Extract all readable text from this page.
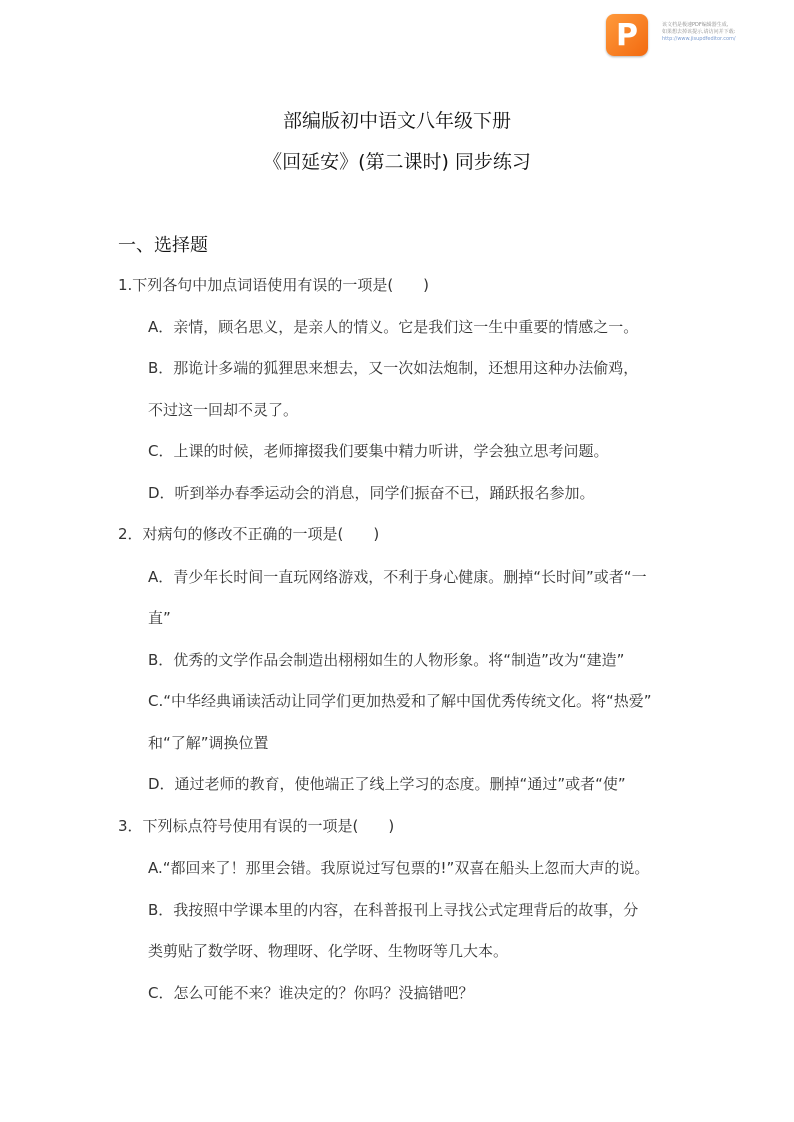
P	该文档是极速PDF编辑器生成,
如果想去掉该提示,请访问并下载:
http://www.jisupdfeditor.com/
部编版初中语文八年级下册
《回延安》(第二课时) 同步练习
一、选择题
1.下列各句中加点词语使用有误的一项是(　　)
A．亲情，顾名思义，是亲人的情义。它是我们这一生中重要的情感之一。
B．那诡计多端的狐狸思来想去，又一次如法炮制，还想用这种办法偷鸡，
不过这一回却不灵了。
C．上课的时候，老师撺掇我们要集中精力听讲，学会独立思考问题。
D．听到举办春季运动会的消息，同学们振奋不已，踊跃报名参加。
2．对病句的修改不正确的一项是(　　)
A．青少年长时间一直玩网络游戏，不利于身心健康。删掉“长时间”或者“一
直”
B．优秀的文学作品会制造出栩栩如生的人物形象。将“制造”改为“建造”
C.“中华经典诵读活动让同学们更加热爱和了解中国优秀传统文化。将“热爱”
和“了解”调换位置
D．通过老师的教育，使他端正了线上学习的态度。删掉“通过”或者“使”
3．下列标点符号使用有误的一项是(　　)
A.“都回来了！那里会错。我原说过写包票的!”双喜在船头上忽而大声的说。
B．我按照中学课本里的内容，在科普报刊上寻找公式定理背后的故事，分
类剪贴了数学呀、物理呀、化学呀、生物呀等几大本。
C．怎么可能不来？谁决定的？你吗？没搞错吧？
